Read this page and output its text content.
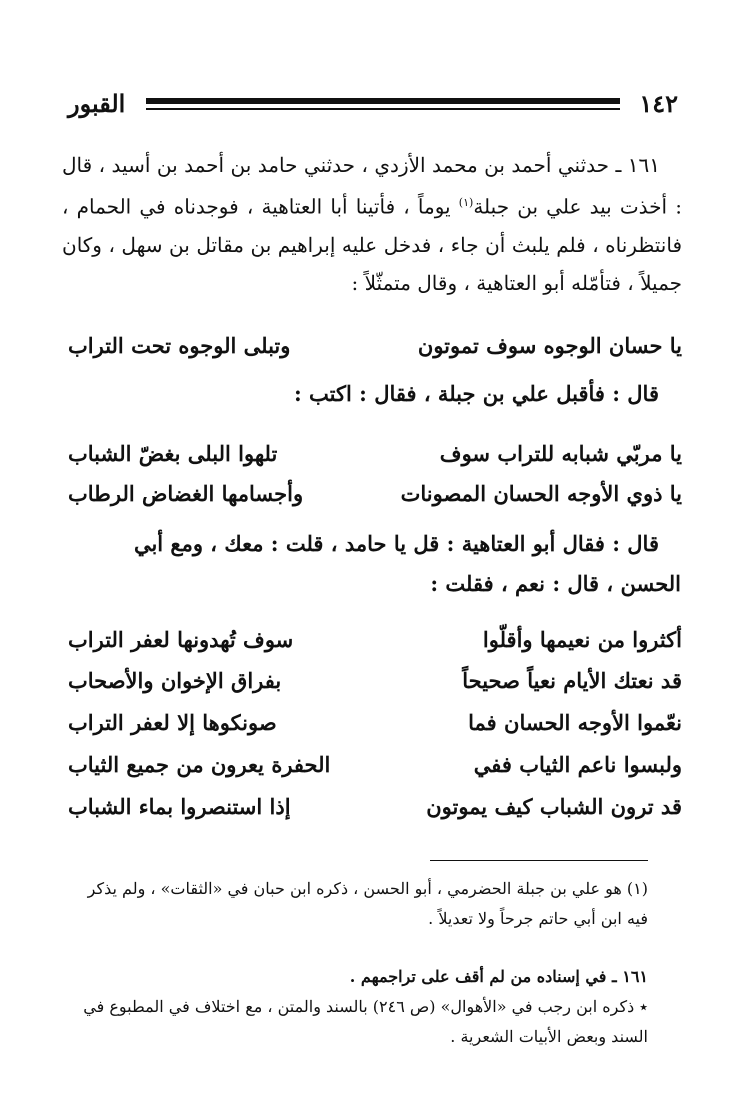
١٤٢
القبور
١٦١ ـ حدثني أحمد بن محمد الأزدي ، حدثني حامد بن أحمد بن أسيد ، قال : أخذت بيد علي بن جبلة$^{(١)}$ يوماً ، فأتينا أبا العتاهية ، فوجدناه في الحمام ، فانتظرناه ، فلم يلبث أن جاء ، فدخل عليه إبراهيم بن مقاتل بن سهل ، وكان جميلاً ، فتأمّله أبو العتاهية ، وقال متمثّلاً :
يا حسان الوجوه سوف تموتون
وتبلى الوجوه تحت التراب
قال : فأقبل علي بن جبلة ، فقال : اكتب :
يا مربّي شبابه للتراب سوف
تلهوا البلى بغضّ الشباب
يا ذوي الأوجه الحسان المصونات
وأجسامها الغضاض الرطاب
قال : فقال أبو العتاهية : قل يا حامد ، قلت : معك ، ومع أبي
الحسن ، قال : نعم ، فقلت :
أكثروا من نعيمها وأقلّوا
سوف تُهدونها لعفر التراب
قد نعتك الأيام نعياً صحيحاً
بفراق الإخوان والأصحاب
نعّموا الأوجه الحسان فما
صونكوها إلا لعفر التراب
ولبسوا ناعم الثياب ففي
الحفرة يعرون من جميع الثياب
قد ترون الشباب كيف يموتون
إذا استنصروا بماء الشباب
(١) هو علي بن جبلة الحضرمي ، أبو الحسن ، ذكره ابن حبان في «الثقات» ، ولم يذكر فيه ابن أبي حاتم جرحاً ولا تعديلاً .
١٦١ ـ في إسناده من لم أقف على تراجمهم .
٭ ذكره ابن رجب في «الأهوال» (ص ٢٤٦) بالسند والمتن ، مع اختلاف في المطبوع في السند وبعض الأبيات الشعرية .
